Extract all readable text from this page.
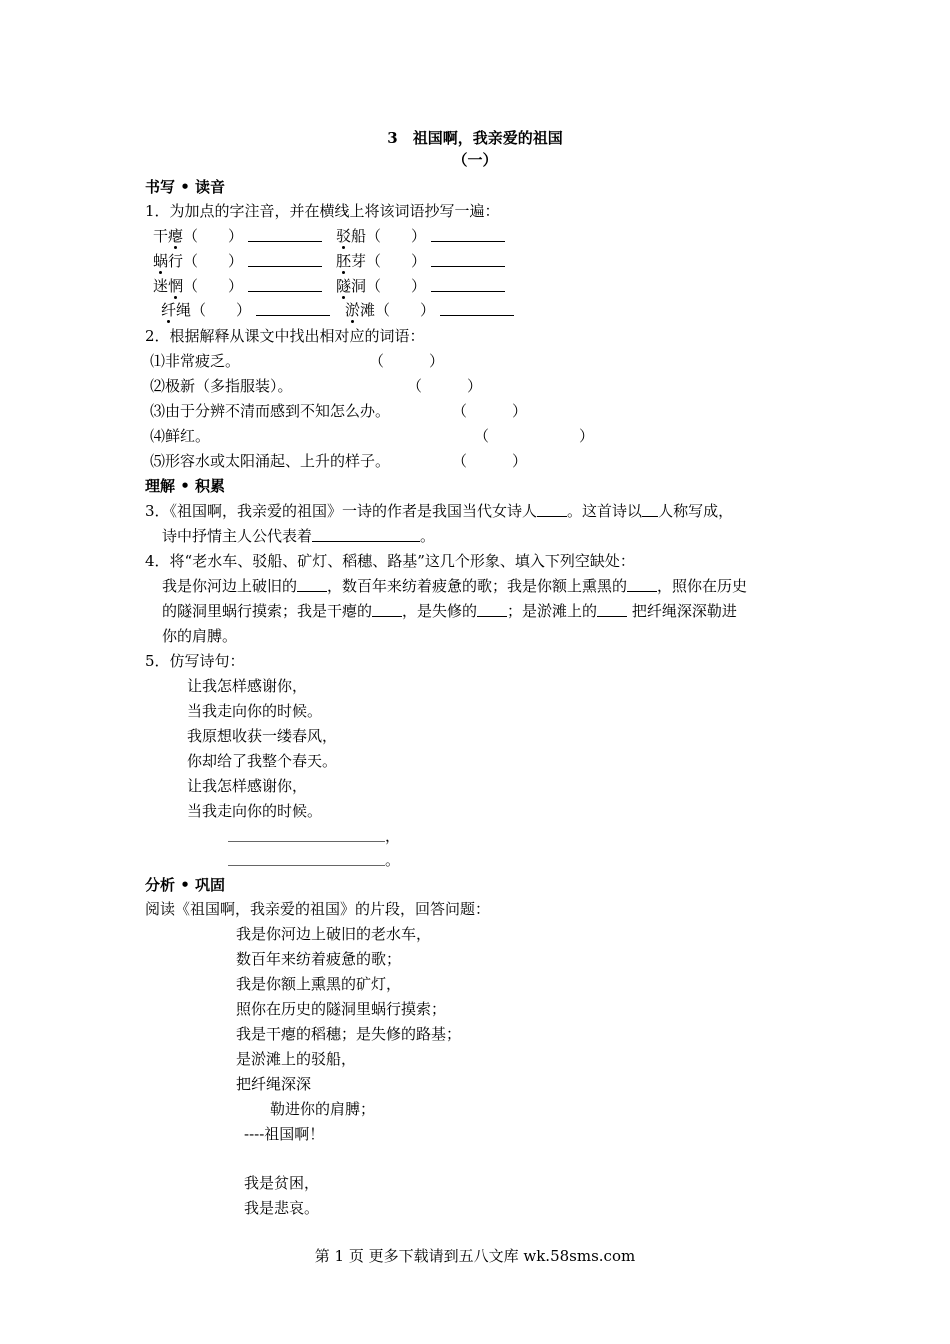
3　祖国啊，我亲爱的祖国
（一）
书写 • 读音
1．为加点的字注音，并在横线上将该词语抄写一遍：
干瘪（　　）	驳船（　　）
蜗行（　　）	胚芽（　　）
迷惘（　　）	隧洞（　　）
纤绳（　　）	淤滩（　　）
2．根据解释从课文中找出相对应的词语：
⑴非常疲乏。	（　　　）
⑵极新（多指服装）。	（　　　）
⑶由于分辨不清而感到不知怎么办。	（　　　）
⑷鲜红。	（　　　　　　）
⑸形容水或太阳涌起、上升的样子。	（　　　）
理解 • 积累
3．《祖国啊，我亲爱的祖国》一诗的作者是我国当代女诗人 。这首诗以 人称写成，
诗中抒情主人公代表着	。
4．将“老水车、驳船、矿灯、稻穗、路基”这几个形象、填入下列空缺处：
我是你河边上破旧的 ，数百年来纺着疲惫的歌；我是你额上熏黑的 ，照你在历史
的隧洞里蜗行摸索；我是干瘪的 ，是失修的 ；是淤滩上的 把纤绳深深勒进
你的肩膊。
5．仿写诗句：
让我怎样感谢你，
当我走向你的时候。
我原想收获一缕春风，
你却给了我整个春天。
让我怎样感谢你，
当我走向你的时候。
，
。
分析 • 巩固
阅读《祖国啊，我亲爱的祖国》的片段，回答问题：
我是你河边上破旧的老水车，
数百年来纺着疲惫的歌；
我是你额上熏黑的矿灯，
照你在历史的隧洞里蜗行摸索；
我是干瘪的稻穗；是失修的路基；
是淤滩上的驳船，
把纤绳深深
勒进你的肩膊；
----祖国啊！
我是贫困，
我是悲哀。
第 1 页 更多下载请到五八文库 wk.58sms.com
